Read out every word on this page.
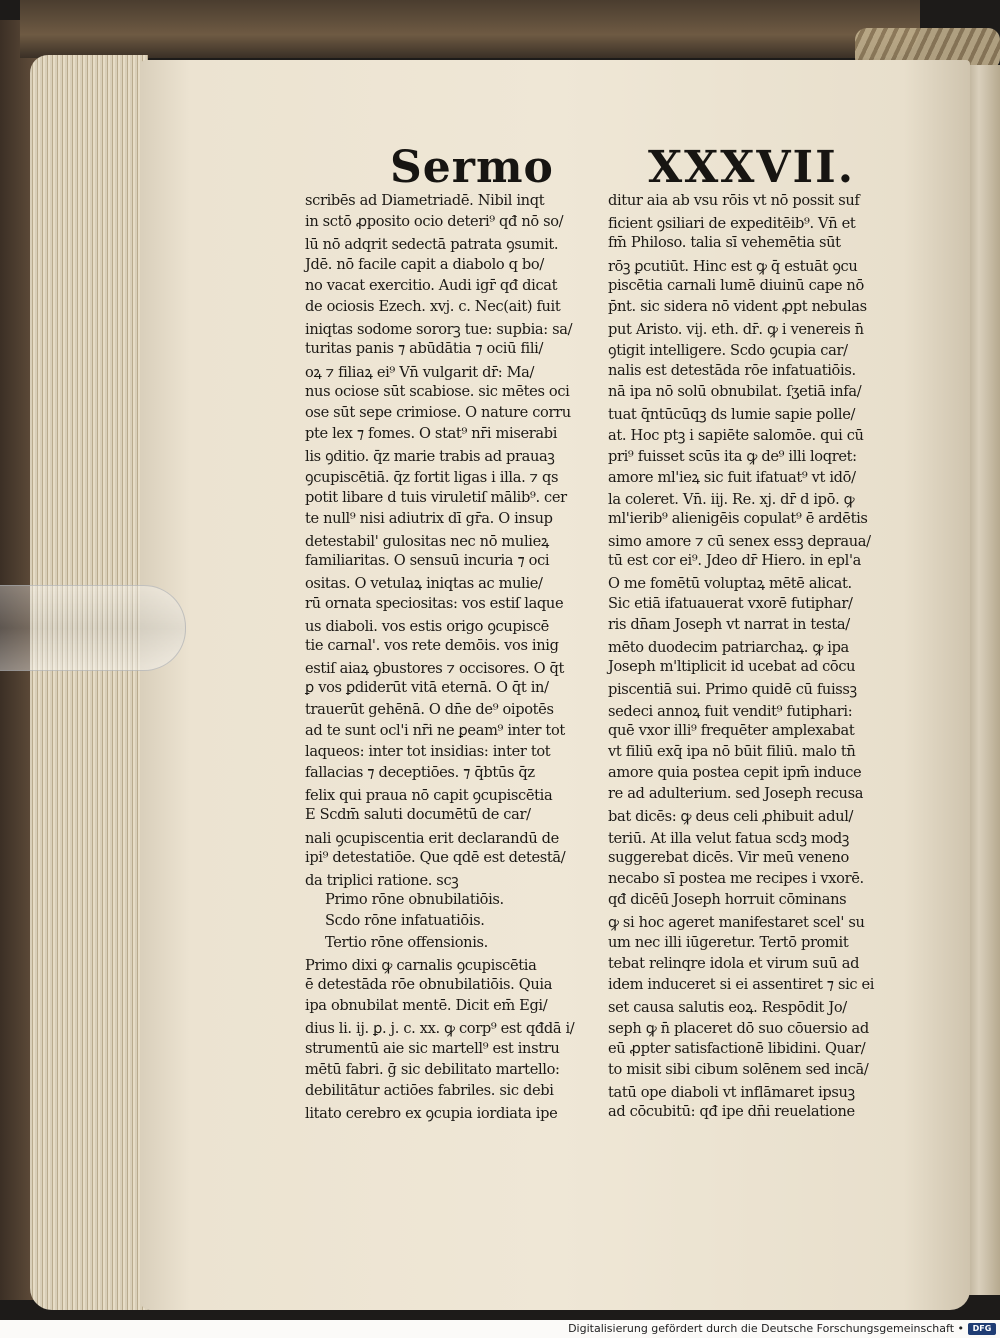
Sermo XXXVII.
scribēs ad Diametriadē. Nibil inqt
in sctō ꝓposito ocio deteri⁹ qđ nō so/
lū nō adqrit sedectā patrata ꝯsumit.
Jdē. nō facile capit a diabolo q bo/
no vacat exercitio. Audi igr̄ qđ dicat
de ociosis Ezech. xvj. c. Nec(ait) fuit
iniqtas sodome sororꝫ tue: supbia: sa/
turitas panis ⁊ abūdātia ⁊ ociū fili/
oꝝ ⁊ filiaꝝ ei⁹ Vn̄ vulgarit dr̄: Ma/
nus ociose sūt scabiose. sic mētes oci
ose sūt sepe crimiose. O nature corru
pte lex ⁊ fomes. O stat⁹ nr̄i miserabi
lis ꝯditio. q̄z marie trabis ad prauaꝫ
ꝯcupiscētiā. q̄z fortit ligas i illa. ⁊ qs
potit libare d tuis viruletiſ mālib⁹. cer
te null⁹ nisi adiutrix dī gr̄a. O insup
detestabil' gulositas nec nō mulieꝝ
familiaritas. O sensuū incuria ⁊ oci
ositas. O vetulaꝝ iniqtas ac mulie/
rū ornata speciositas: vos estiſ laque
us diaboli. vos estis origo ꝯcupiscē
tie carnal'. vos rete demōis. vos inig
estiſ aiaꝝ ꝯbustores ⁊ occisores. O q̄t
ꝑ vos ꝑdiderūt vitā eternā. O q̄t in/
trauerūt gehēnā. O dn̄e de⁹ oipotēs
ad te sunt ocl'i nr̄i ne ꝑeam⁹ inter tot
laqueos: inter tot insidias: inter tot
fallacias ⁊ deceptiōes. ⁊ q̄btūs q̄z
felix qui praua nō capit ꝯcupiscētia
E Scdm̄ saluti documētū de car/
nali ꝯcupiscentia erit declarandū de
ipi⁹ detestatiōe. Que qdē est detestā/
da triplici ratione. scꝫ
Primo rōne obnubilatiōis.
Scdo rōne infatuatiōis.
Tertio rōne offensionis.
Primo dixi ꝙ carnalis ꝯcupiscētia
ē detestāda rōe obnubilatiōis. Quia
ipa obnubilat mentē. Dicit em̄ Egi/
dius li. ij. ꝑ. j. c. xx. ꝙ corp⁹ est qđdā i/
strumentū aie sic martell⁹ est instru
mētū fabri. ḡ sic debilitato martello:
debilitātur actiōes fabriles. sic debi
litato cerebro ex ꝯcupia iordiata ipe
ditur aia ab vsu rōis vt nō possit suf
ficient ꝯsiliari de expeditēib⁹. Vn̄ et
fm̄ Philoso. talia sī vehemētia sūt
rōꝫ ꝑcutiūt. Hinc est ꝙ q̄ estuāt ꝯcu
piscētia carnali lumē diuinū cape nō
p̄nt. sic sidera nō vident ꝓpt nebulas
put Aristo. vij. eth. dr̄. ꝙ i venereis n̄
ꝯtigit intelligere. Scdo ꝯcupia car/
nalis est detestāda rōe infatuatiōis.
nā ipa nō solū obnubilat. ſʒetiā infa/
tuat q̄ntūcūqꝫ ds lumie sapie polle/
at. Hoc ptꝫ i sapiēte salomōe. qui cū
pri⁹ fuisset scūs ita ꝙ de⁹ illi loqret:
amore ml'ieꝝ sic fuit ifatuat⁹ vt idō/
la coleret. Vn̄. iij. Re. xj. dr̄ d ipō. ꝙ
ml'ierib⁹ alienigēis copulat⁹ ē ardētis
simo amore ⁊ cū senex essꝫ depraua/
tū est cor ei⁹. Jdeo dr̄ Hiero. in epl'a
O me fomētū voluptaꝝ mētē alicat.
Sic etiā ifatuauerat vxorē futiphar/
ris dn̄am Joseph vt narrat in testa/
mēto duodecim patriarchaꝝ. ꝙ ipa
Joseph m'ltiplicit id ucebat ad cōcu
piscentiā sui. Primo quidē cū fuissꝫ
sedeci annoꝝ fuit vendit⁹ futiphari:
quē vxor illi⁹ frequēter amplexabat
vt filiū exq̄ ipa nō būit filiū. malo tn̄
amore quia postea cepit ipm̄ induce
re ad adulterium. sed Joseph recusa
bat dicēs: ꝙ deus celi ꝓhibuit adul/
teriū. At illa velut fatua scdꝫ modꝫ
suggerebat dicēs. Vir meū veneno
necabo sī postea me recipes i vxorē.
qđ dicēū Joseph horruit cōminans
ꝙ si hoc ageret manifestaret scel' su
um nec illi iūgeretur. Tertō promit
tebat relinqre idola et virum suū ad
idem induceret si ei assentiret ⁊ sic ei
set causa salutis eoꝝ. Respōdit Jo/
seph ꝙ n̄ placeret dō suo cōuersio ad
eū ꝓpter satisfactionē libidini. Quar/
to misit sibi cibum solēnem sed incā/
tatū ope diaboli vt inflāmaret ipsuꝫ
ad cōcubitū: qđ ipe dn̄i reuelatione
Digitalisierung gefördert durch die Deutsche Forschungsgemeinschaft •	DFG
